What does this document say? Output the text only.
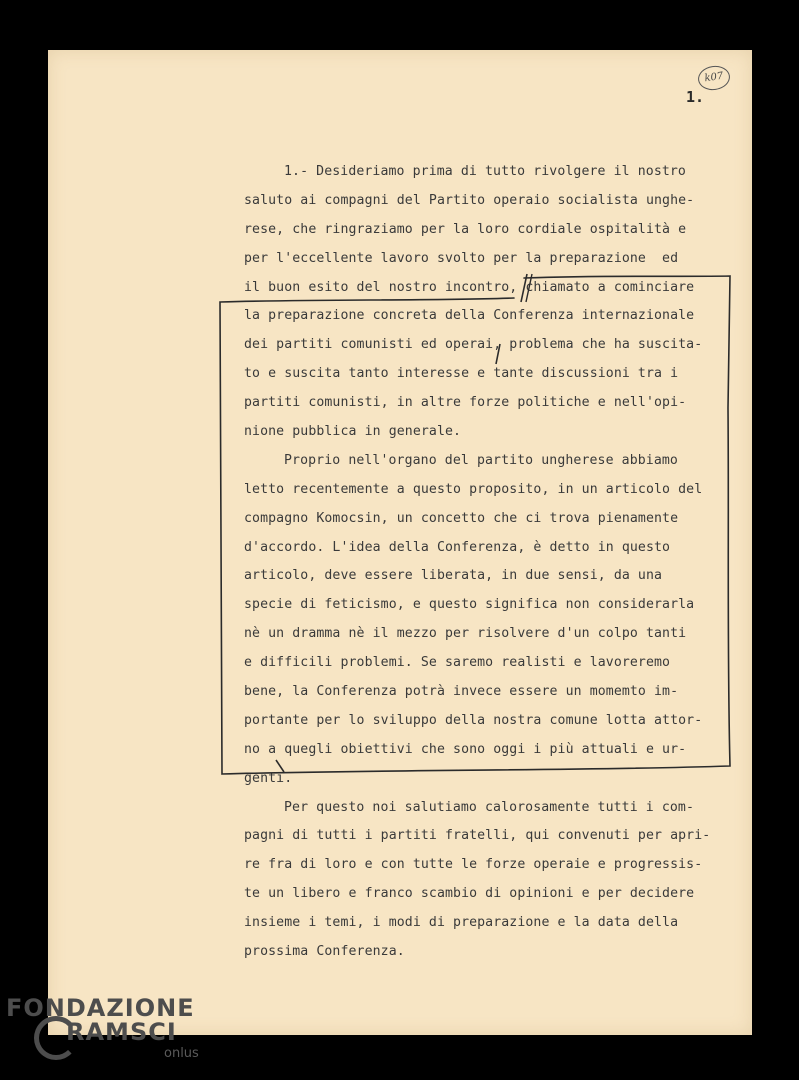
k07
1.
1.- Desideriamo prima di tutto rivolgere il nostro
saluto ai compagni del Partito operaio socialista unghe-
rese, che ringraziamo per la loro cordiale ospitalità e
per l'eccellente lavoro svolto per la preparazione  ed
il buon esito del nostro incontro, chiamato a cominciare
la preparazione concreta della Conferenza internazionale
dei partiti comunisti ed operai, problema che ha suscita-
to e suscita tanto interesse e tante discussioni tra i
partiti comunisti, in altre forze politiche e nell'opi-
nione pubblica in generale.
Proprio nell'organo del partito ungherese abbiamo
letto recentemente a questo proposito, in un articolo del
compagno Komocsin, un concetto che ci trova pienamente
d'accordo. L'idea della Conferenza, è detto in questo
articolo, deve essere liberata, in due sensi, da una
specie di feticismo, e questo significa non considerarla
nè un dramma nè il mezzo per risolvere d'un colpo tanti
e difficili problemi. Se saremo realisti e lavoreremo
bene, la Conferenza potrà invece essere un momemto im-
portante per lo sviluppo della nostra comune lotta attor-
no a quegli obiettivi che sono oggi i più attuali e ur-
genti.
Per questo noi salutiamo calorosamente tutti i com-
pagni di tutti i partiti fratelli, qui convenuti per apri-
re fra di loro e con tutte le forze operaie e progressis-
te un libero e franco scambio di opinioni e per decidere
insieme i temi, i modi di preparazione e la data della
prossima Conferenza.
FONDAZIONE
RAMSCI
onlus
